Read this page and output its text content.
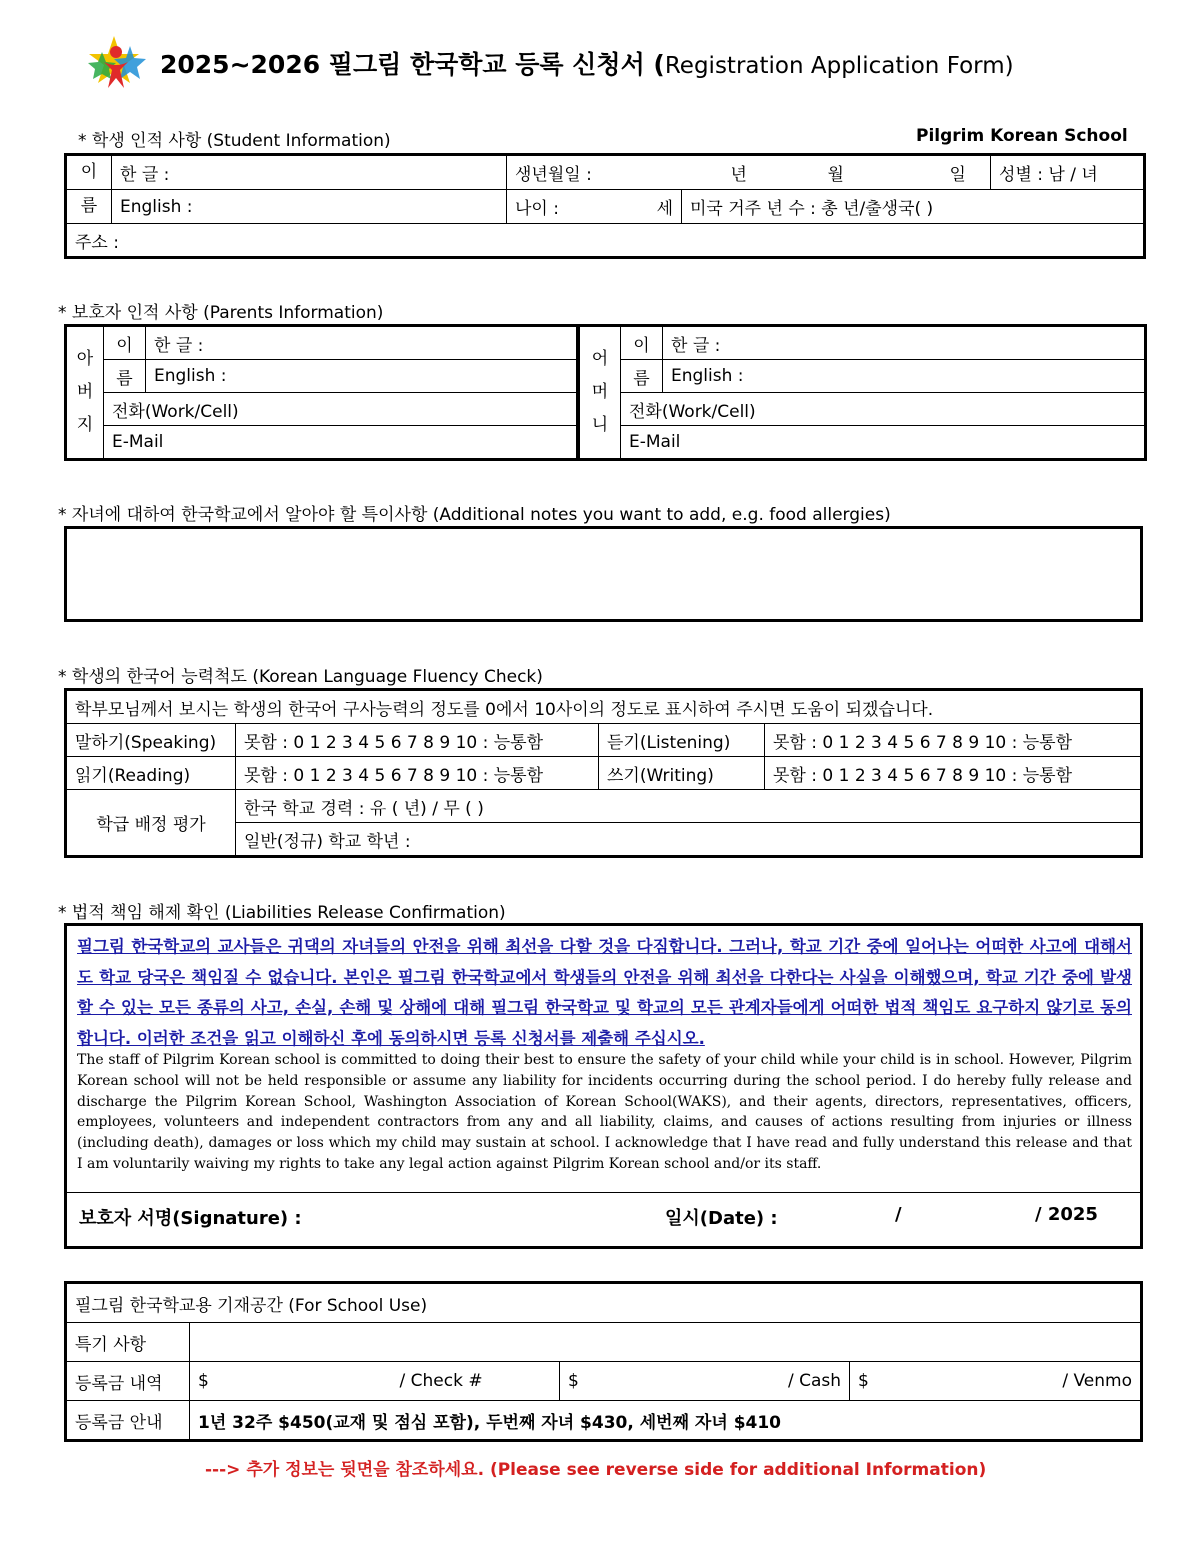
2025~2026 필그림 한국학교 등록 신청서 (Registration Application Form)
* 학생 인적 사항 (Student Information)	Pilgrim Korean School
이	한 글 :	생년월일 : 년 월 일		성별 : 남 / 녀
름	English :	나이 : 세	미국 거주 년 수 : 총 년/출생국( )	
주소 :				
* 보호자 인적 사항 (Parents Information)
아
버
지	이	한 글 :
	름	English :
	전화(Work/Cell)	
	E-Mail	
어
머
니	이	한 글 :
	름	English :
	전화(Work/Cell)	
	E-Mail	
* 자녀에 대하여 한국학교에서 알아야 할 특이사항 (Additional notes you want to add, e.g. food allergies)
* 학생의 한국어 능력척도 (Korean Language Fluency Check)
학부모님께서 보시는 학생의 한국어 구사능력의 정도를 0에서 10사이의 정도로 표시하여 주시면 도움이 되겠습니다.			
말하기(Speaking)	못함 : 0 1 2 3 4 5 6 7 8 9 10 : 능통함	듣기(Listening)	못함 : 0 1 2 3 4 5 6 7 8 9 10 : 능통함
읽기(Reading)	못함 : 0 1 2 3 4 5 6 7 8 9 10 : 능통함	쓰기(Writing)	못함 : 0 1 2 3 4 5 6 7 8 9 10 : 능통함
학급 배정 평가	한국 학교 경력 : 유 ( 년) / 무 ( )		
	일반(정규) 학교 학년 :		
* 법적 책임 해제 확인 (Liabilities Release Confirmation)
필그림 한국학교의 교사들은 귀댁의 자녀들의 안전을 위해 최선을 다할 것을 다짐합니다. 그러나, 학교 기간 중에 일어나는 어떠한 사고에 대해서도 학교 당국은 책임질 수 없습니다. 본인은 필그림 한국학교에서 학생들의 안전을 위해 최선을 다한다는 사실을 이해했으며, 학교 기간 중에 발생할 수 있는 모든 종류의 사고, 손실, 손해 및 상해에 대해 필그림 한국학교 및 학교의 모든 관계자들에게 어떠한 법적 책임도 요구하지 않기로 동의합니다. 이러한 조건을 읽고 이해하신 후에 동의하시면 등록 신청서를 제출해 주십시오.
The staff of Pilgrim Korean school is committed to doing their best to ensure the safety of your child while your child is in school. However, Pilgrim Korean school will not be held responsible or assume any liability for incidents occurring during the school period. I do hereby fully release and discharge the Pilgrim Korean School, Washington Association of Korean School(WAKS), and their agents, directors, representatives, officers, employees, volunteers and independent contractors from any and all liability, claims, and causes of actions resulting from injuries or illness (including death), damages or loss which my child may sustain at school. I acknowledge that I have read and fully understand this release and that I am voluntarily waiving my rights to take any legal action against Pilgrim Korean school and/or its staff.
보호자 서명(Signature) :	일시(Date) :	/	/ 2025
필그림 한국학교용 기재공간 (For School Use)			
특기 사항			
등록금 내역	$ / Check #	$ / Cash	$ / Venmo

등록금 안내	1년 32주 $450(교재 및 점심 포함), 두번째 자녀 $430, 세번째 자녀 $410		
---> 추가 정보는 뒷면을 참조하세요. (Please see reverse side for additional Information)
